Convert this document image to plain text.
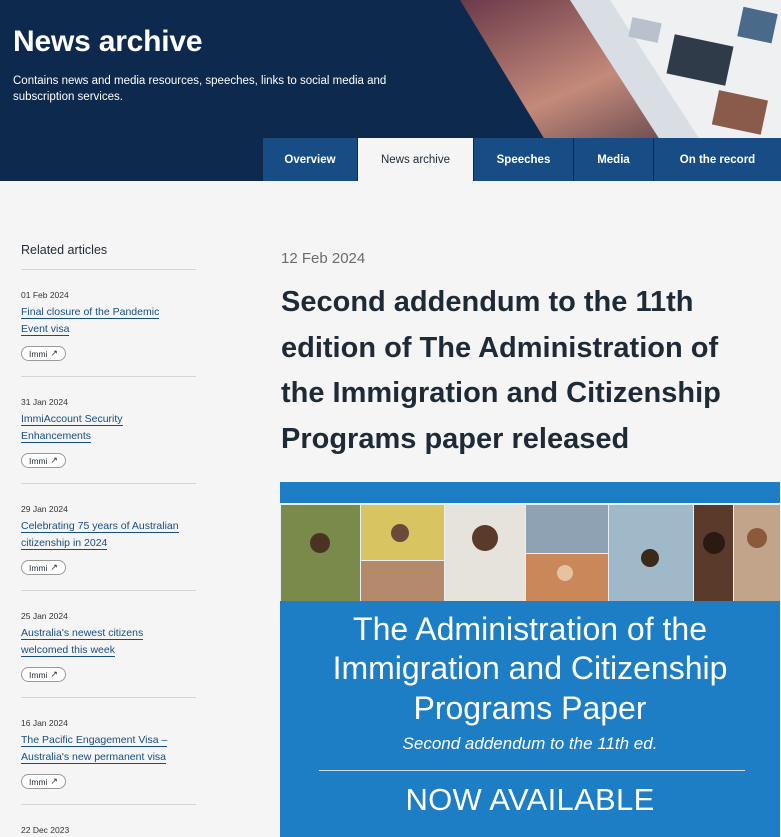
News archive

Contains news and media resources, speeches, links to social media and subscription services.

Overview	News archive	Speeches	Media	On the record
Related articles
01 Feb 2024
Final closure of the Pandemic
Event visa
Immi ↗
31 Jan 2024
ImmiAccount Security
Enhancements
Immi ↗
29 Jan 2024
Celebrating 75 years of Australian
citizenship in 2024
Immi ↗
25 Jan 2024
Australia's newest citizens
welcomed this week
Immi ↗
16 Jan 2024
The Pacific Engagement Visa –
Australia's new permanent visa
Immi ↗
22 Dec 2023
12 Feb 2024
Second addendum to the 11th edition of The Administration of the Immigration and Citizenship Programs paper released
The Administration of the
Immigration and Citizenship
Programs Paper
Second addendum to the 11th ed.
NOW AVAILABLE
